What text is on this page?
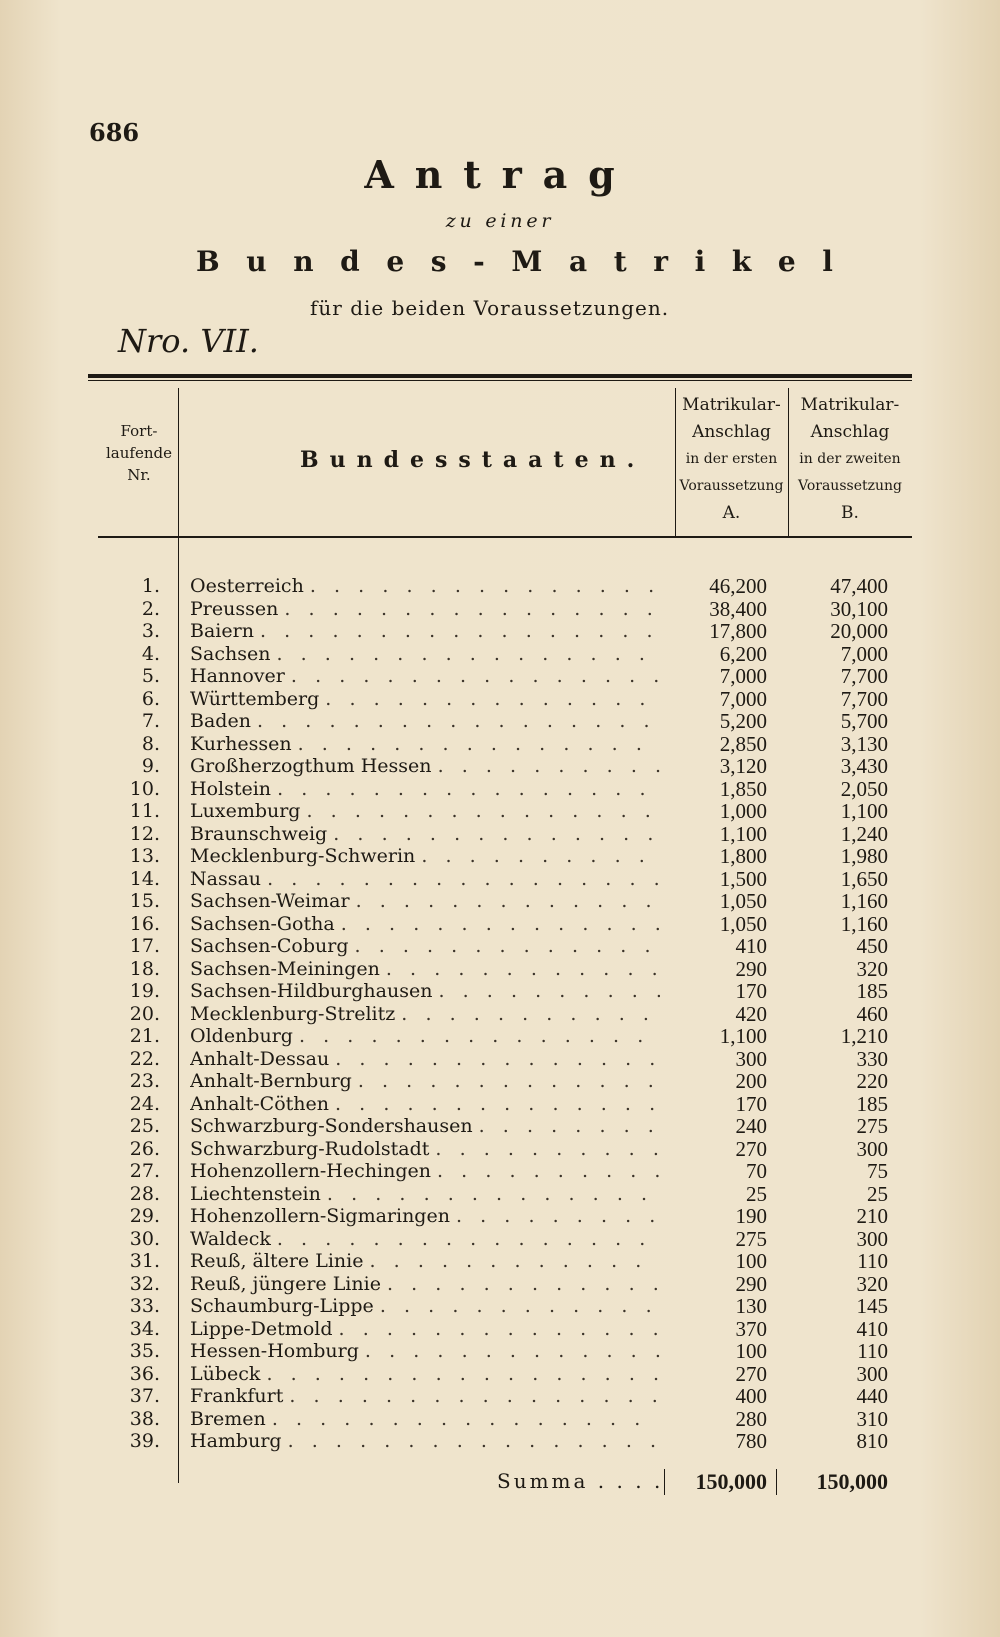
686
Antrag
zu einer
Bundes-Matrikel
für die beiden Voraussetzungen.
Nro. VII.
Fort-
laufende
Nr.
Bundesstaaten.
Matrikular-
Anschlag
in der ersten
Voraussetzung
A.
Matrikular-
Anschlag
in der zweiten
Voraussetzung
B.
1. Oesterreich . .	46,200	47,400
2. Preussen . .	38,400	30,100
3. Baiern . .	17,800	20,000
4. Sachsen . .	6,200	7,000
5. Hannover . .	7,000	7,700
6. Württemberg . .	7,000	7,700
7. Baden . .	5,200	5,700
8. Kurhessen . .	2,850	3,130
9. Großherzogthum Hessen . .	3,120	3,430
10. Holstein . .	1,850	2,050
11. Luxemburg . .	1,000	1,100
12. Braunschweig . .	1,100	1,240
13. Mecklenburg-Schwerin . .	1,800	1,980
14. Nassau . .	1,500	1,650
15. Sachsen-Weimar . .	1,050	1,160
16. Sachsen-Gotha . .	1,050	1,160
17. Sachsen-Coburg . .	410	450
18. Sachsen-Meiningen . .	290	320
19. Sachsen-Hildburghausen . .	170	185
20. Mecklenburg-Strelitz . .	420	460
21. Oldenburg . .	1,100	1,210
22. Anhalt-Dessau . .	300	330
23. Anhalt-Bernburg . .	200	220
24. Anhalt-Cöthen . .	170	185
25. Schwarzburg-Sondershausen . .	240	275
26. Schwarzburg-Rudolstadt . .	270	300
27. Hohenzollern-Hechingen . .	70	75
28. Liechtenstein . .	25	25
29. Hohenzollern-Sigmaringen . .	190	210
30. Waldeck . .	275	300
31. Reuß, ältere Linie . .	100	110
32. Reuß, jüngere Linie . .	290	320
33. Schaumburg-Lippe . .	130	145
34. Lippe-Detmold . .	370	410
35. Hessen-Homburg . .	100	110
36. Lübeck . .	270	300
37. Frankfurt . .	400	440
38. Bremen . .	280	310
39. Hamburg . .	780	810
Summa . . . .	150,000	150,000
